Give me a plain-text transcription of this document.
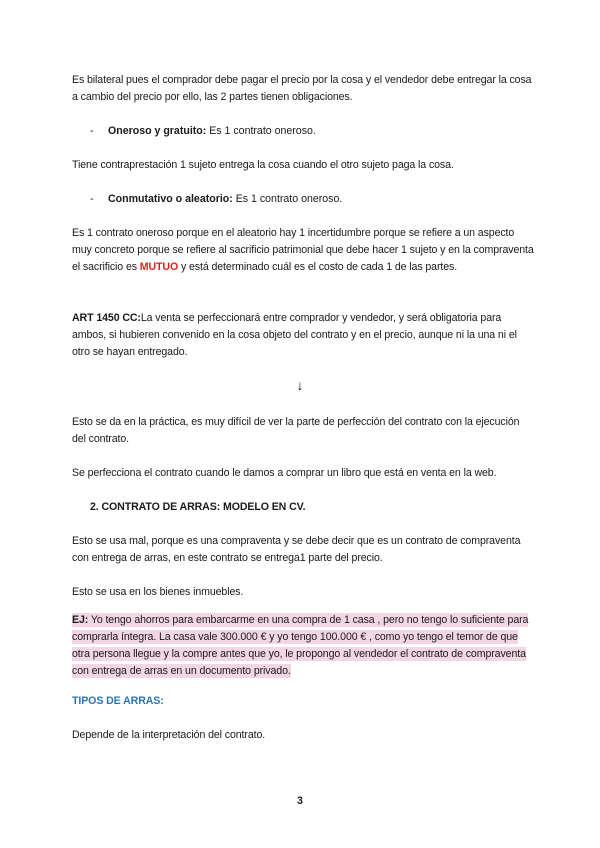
Es bilateral pues el comprador debe pagar el precio por la cosa y el vendedor debe entregar la cosa a cambio del precio por ello, las 2 partes tienen obligaciones.

- Oneroso y gratuito: Es 1 contrato oneroso.

Tiene contraprestación 1 sujeto entrega la cosa cuando el otro sujeto paga la cosa.

- Conmutativo o aleatorio: Es 1 contrato oneroso.

Es 1 contrato oneroso porque en el aleatorio hay 1 incertidumbre porque se refiere a un aspecto muy concreto porque se refiere al sacrificio patrimonial que debe hacer 1 sujeto y en la compraventa el sacrificio es MUTUO y está determinado cuál es el costo de cada 1 de las partes.

ART 1450 CC:La venta se perfeccionará entre comprador y vendedor, y será obligatoria para ambos, si hubieren convenido en la cosa objeto del contrato y en el precio, aunque ni la una ni el otro se hayan entregado.

↓

Esto se da en la práctica, es muy difícil de ver la parte de perfección del contrato con la ejecución del contrato.

Se perfecciona el contrato cuando le damos a comprar un libro que está en venta en la web.

2. CONTRATO DE ARRAS: MODELO EN CV.

Esto se usa mal, porque es una compraventa y se debe decir que es un contrato de compraventa con entrega de arras, en este contrato se entrega1 parte del precio.

Esto se usa en los bienes inmuebles.

EJ: Yo tengo ahorros para embarcarme en una compra de 1 casa , pero no tengo lo suficiente para comprarla íntegra. La casa vale 300.000 € y yo tengo 100.000 € , como yo tengo el temor de que otra persona llegue y la compre antes que yo, le propongo al vendedor el contrato de compraventa con entrega de arras en un documento privado.

TIPOS DE ARRAS:

Depende de la interpretación del contrato.

3
